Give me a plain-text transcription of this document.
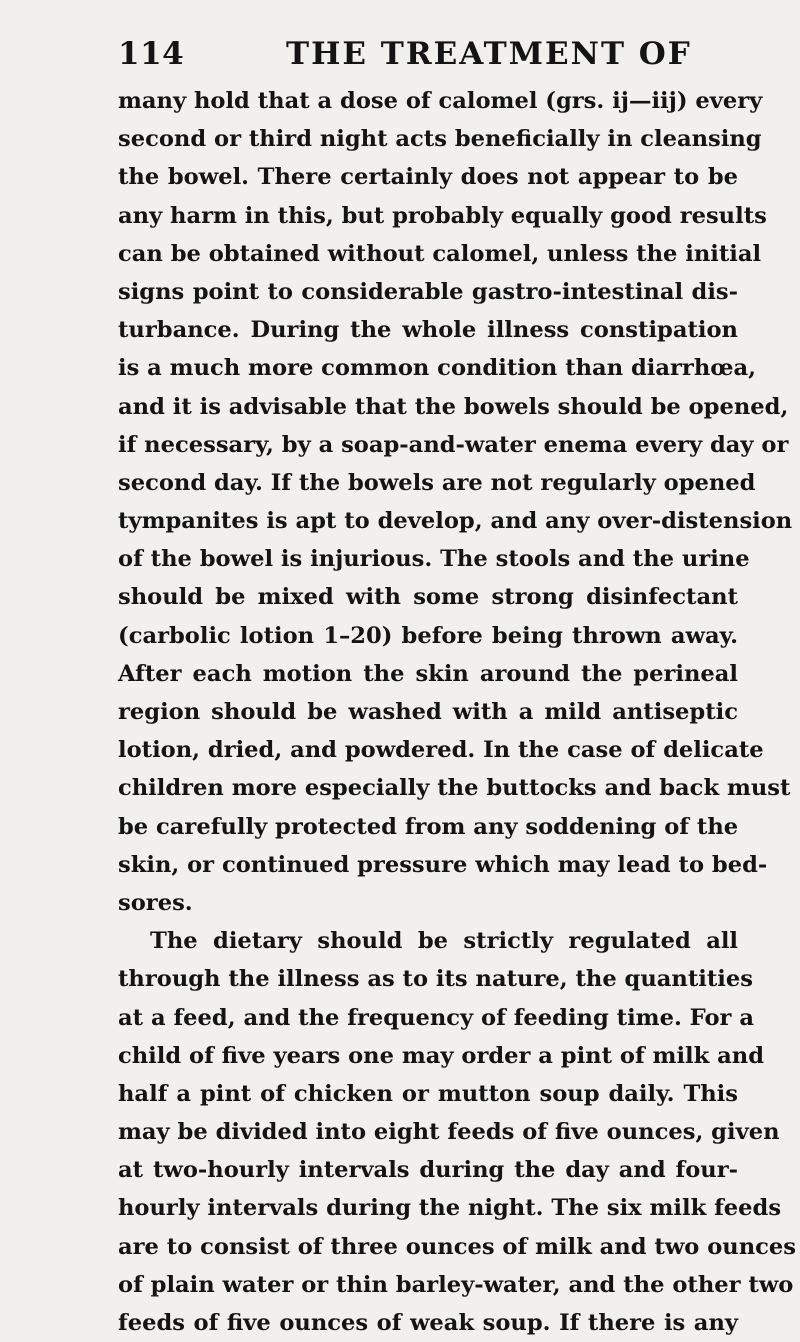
114	THE TREATMENT OF
many hold that a dose of calomel (grs. ij—iij) every
second or third night acts beneficially in cleansing
the bowel. There certainly does not appear to be
any harm in this, but probably equally good results
can be obtained without calomel, unless the initial
signs point to considerable gastro-intestinal dis-
turbance. During the whole illness constipation
is a much more common condition than diarrhœa,
and it is advisable that the bowels should be opened,
if necessary, by a soap-and-water enema every day or
second day. If the bowels are not regularly opened
tympanites is apt to develop, and any over-distension
of the bowel is injurious. The stools and the urine
should be mixed with some strong disinfectant
(carbolic lotion 1–20) before being thrown away.
After each motion the skin around the perineal
region should be washed with a mild antiseptic
lotion, dried, and powdered. In the case of delicate
children more especially the buttocks and back must
be carefully protected from any soddening of the
skin, or continued pressure which may lead to bed-
sores.
The dietary should be strictly regulated all
through the illness as to its nature, the quantities
at a feed, and the frequency of feeding time. For a
child of five years one may order a pint of milk and
half a pint of chicken or mutton soup daily. This
may be divided into eight feeds of five ounces, given
at two-hourly intervals during the day and four-
hourly intervals during the night. The six milk feeds
are to consist of three ounces of milk and two ounces
of plain water or thin barley-water, and the other two
feeds of five ounces of weak soup. If there is any
